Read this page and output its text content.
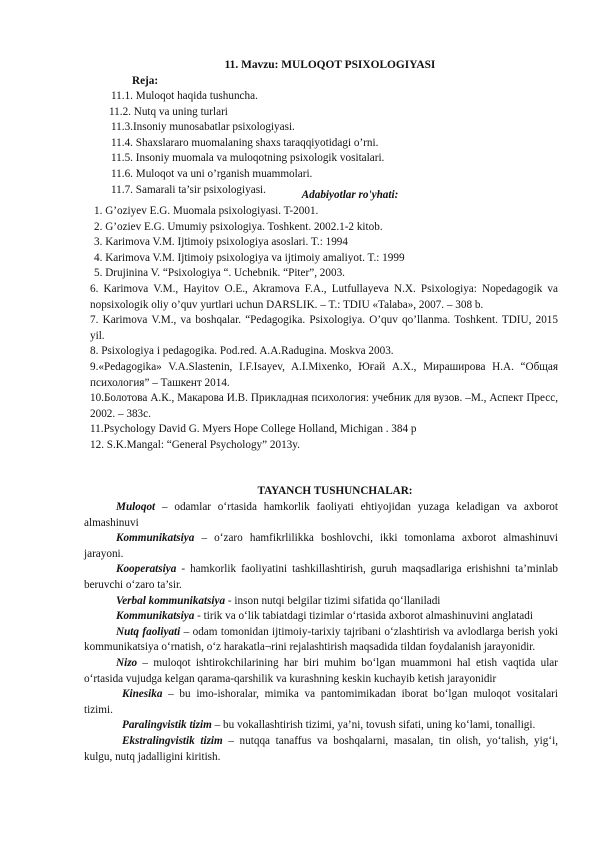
11. Mavzu: MULOQOT PSIXOLOGIYASI
Reja:
11.1. Muloqot haqida tushuncha.
11.2. Nutq va uning turlari
11.3.Insoniy munosabatlar psixologiyasi.
11.4. Shaxslararo muomalaning shaxs taraqqiyotidagi o’rni.
11.5. Insoniy muomala va muloqotning psixologik vositalari.
11.6. Muloqot va uni o’rganish muammolari.
11.7. Samarali ta’sir psixologiyasi.	Adabiyotlar ro'yhati:
1. G’oziyev E.G. Muomala psixologiyasi. T-2001.
2. G’oziev E.G. Umumiy psixologiya. Toshkent. 2002.1-2 kitob.
3. Karimova V.M. Ijtimoiy psixologiya asoslari. T.: 1994
4. Karimova V.M. Ijtimoiy psixologiya va ijtimoiy amaliyot. T.: 1999
5. Drujinina V. “Psixologiya “. Uchebnik. “Piter”, 2003.
6. Karimova V.M., Hayitov O.E., Akramova F.A., Lutfullayeva N.X. Psixologiya: Nopedagogik va nopsixologik oliy o’quv yurtlari uchun DARSLIK. – T.: TDIU «Talaba», 2007. – 308 b.
7. Karimova V.M., va boshqalar. “Pedagogika. Psixologiya. O’quv qo’llanma. Toshkent. TDIU, 2015 yil.
8. Psixologiya i pedagogika. Pod.red. A.A.Radugina. Moskva 2003.
9.«Pedagogika» V.A.Slastenin, I.F.Isayev, A.I.Mixenko, Юғай А.Х., Мираширова Н.А. “Общая психология” – Ташкент 2014.
10.Болотова А.К., Макарова И.В. Прикладная психология: учебник для вузов. –М., Аспект Пресс, 2002. – 383с.
11.Psychology David G. Myers Hope College Holland, Michigan . 384 p
12. S.K.Mangal: “General Psychology” 2013y.
TAYANCH TUSHUNCHALAR:
Muloqot – odamlar o‘rtasida hamkorlik faoliyati ehtiyojidan yuzaga keladigan va axborot almashinuvi
Kommunikatsiya – o‘zaro hamfikrlilikka boshlovchi, ikki tomonlama axborot almashinuvi jarayoni.
Kooperatsiya - hamkorlik faoliyatini tashkillashtirish, guruh maqsadlariga erishishni ta’minlab beruvchi o‘zaro ta’sir.
Verbal kommunikatsiya - inson nutqi belgilar tizimi sifatida qo‘llaniladi
Kommunikatsiya - tirik va o‘lik tabiatdagi tizimlar o‘rtasida axborot almashinuvini anglatadi
Nutq faoliyati – odam tomonidan ijtimoiy-tarixiy tajribani o‘zlashtirish va avlodlarga berish yoki kommunikatsiya o‘rnatish, o‘z harakatla¬rini rejalashtirish maqsadida tildan foydalanish jarayonidir.
Nizo – muloqot ishtirokchilarining har biri muhim bo‘lgan muammoni hal etish vaqtida ular o‘rtasida vujudga kelgan qarama-qarshilik va kurashning keskin kuchayib ketish jarayonidir
Kinesika – bu imo-ishoralar, mimika va pantomimikadan iborat bo‘lgan muloqot vositalari tizimi.
Paralingvistik tizim – bu vokallashtirish tizimi, ya’ni, tovush sifati, uning ko‘lami, tonalligi.
Ekstralingvistik tizim – nutqqa tanaffus va boshqalarni, masalan, tin olish, yo‘talish, yig‘i, kulgu, nutq jadalligini kiritish.
